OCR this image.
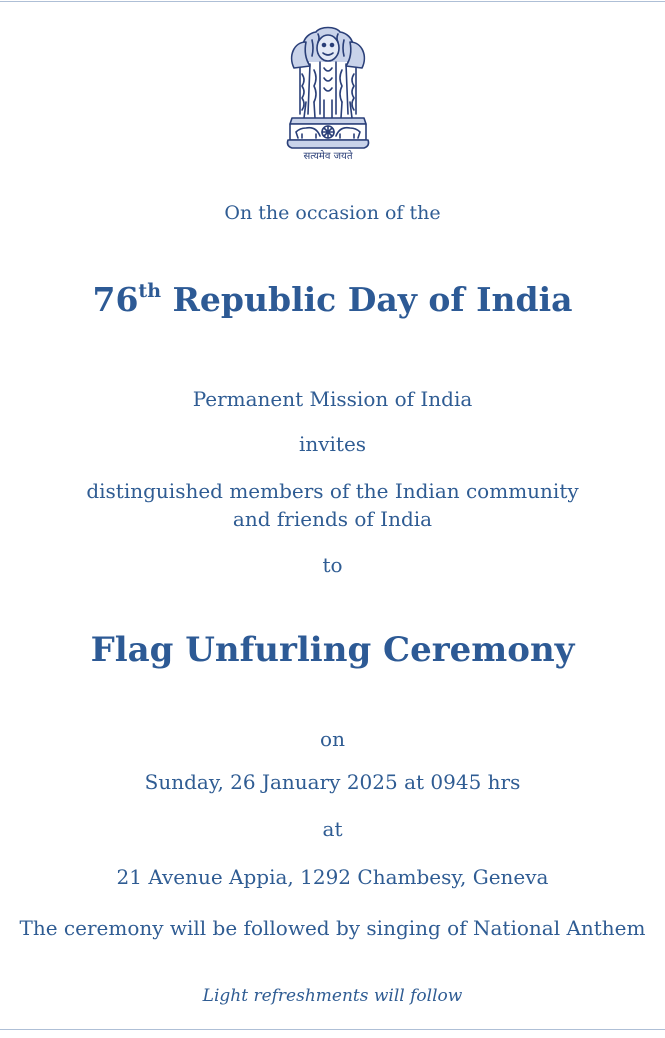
सत्यमेव जयते
On the occasion of the
76th Republic Day of India
Permanent Mission of India
invites
distinguished members of the Indian community
and friends of India
to
Flag Unfurling Ceremony
on
Sunday, 26 January 2025 at 0945 hrs
at
21 Avenue Appia, 1292 Chambesy, Geneva
The ceremony will be followed by singing of National Anthem
Light refreshments will follow
